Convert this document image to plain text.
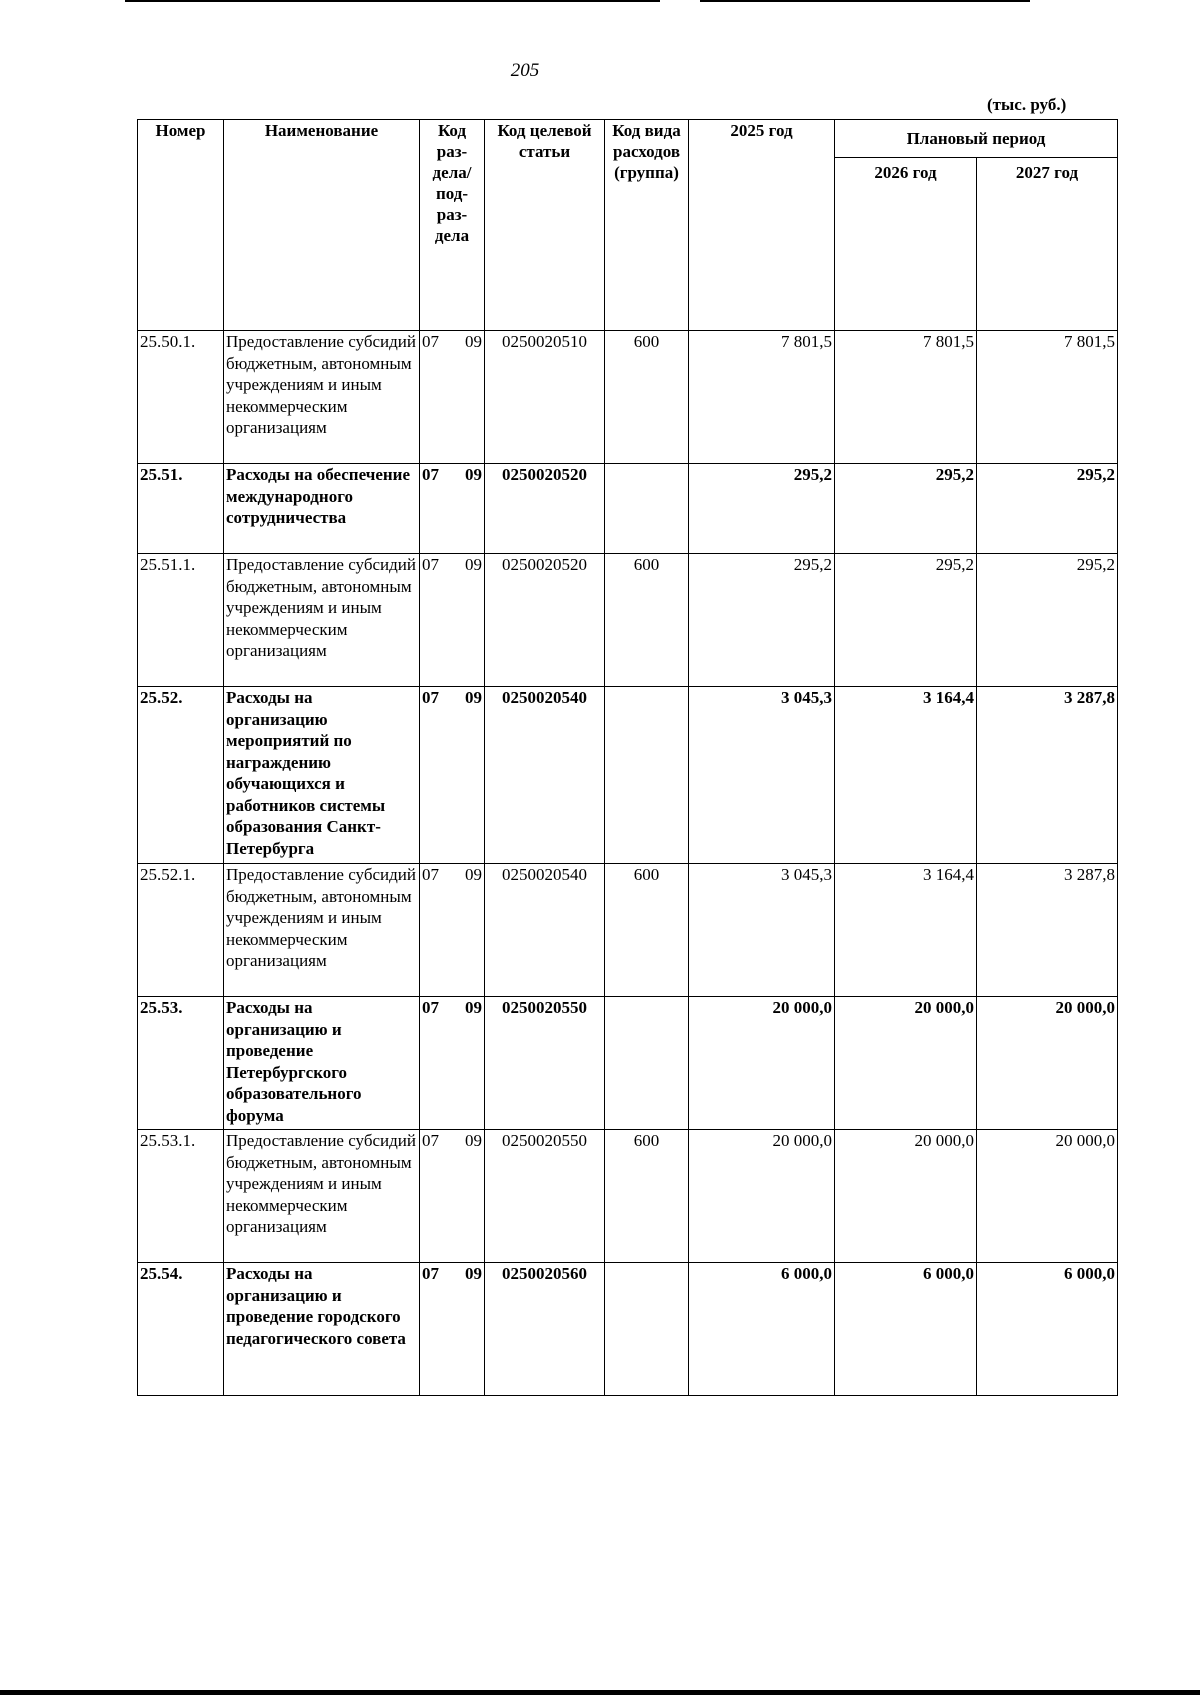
205
(тыс. руб.)
Номер	Наименование	Код раз- дела/ под- раз- дела	Код целевой статьи	Код вида расходов (группа)	2025 год	Плановый период	
						2026 год	2027 год
25.50.1.	Предоставление субсидий бюджетным, автономным учреждениям и иным некоммерческим организациям	07 09	0250020510	600	7 801,5	7 801,5	7 801,5
25.51.	Расходы на обеспечение международного сотрудничества	07 09	0250020520		295,2	295,2	295,2
25.51.1.	Предоставление субсидий бюджетным, автономным учреждениям и иным некоммерческим организациям	07 09	0250020520	600	295,2	295,2	295,2
25.52.	Расходы на организацию мероприятий по награждению обучающихся и работников системы образования Санкт-Петербурга	07 09	0250020540		3 045,3	3 164,4	3 287,8
25.52.1.	Предоставление субсидий бюджетным, автономным учреждениям и иным некоммерческим организациям	07 09	0250020540	600	3 045,3	3 164,4	3 287,8
25.53.	Расходы на организацию и проведение Петербургского образовательного форума	07 09	0250020550		20 000,0	20 000,0	20 000,0
25.53.1.	Предоставление субсидий бюджетным, автономным учреждениям и иным некоммерческим организациям	07 09	0250020550	600	20 000,0	20 000,0	20 000,0
25.54.	Расходы на организацию и проведение городского педагогического совета	07 09	0250020560		6 000,0	6 000,0	6 000,0
